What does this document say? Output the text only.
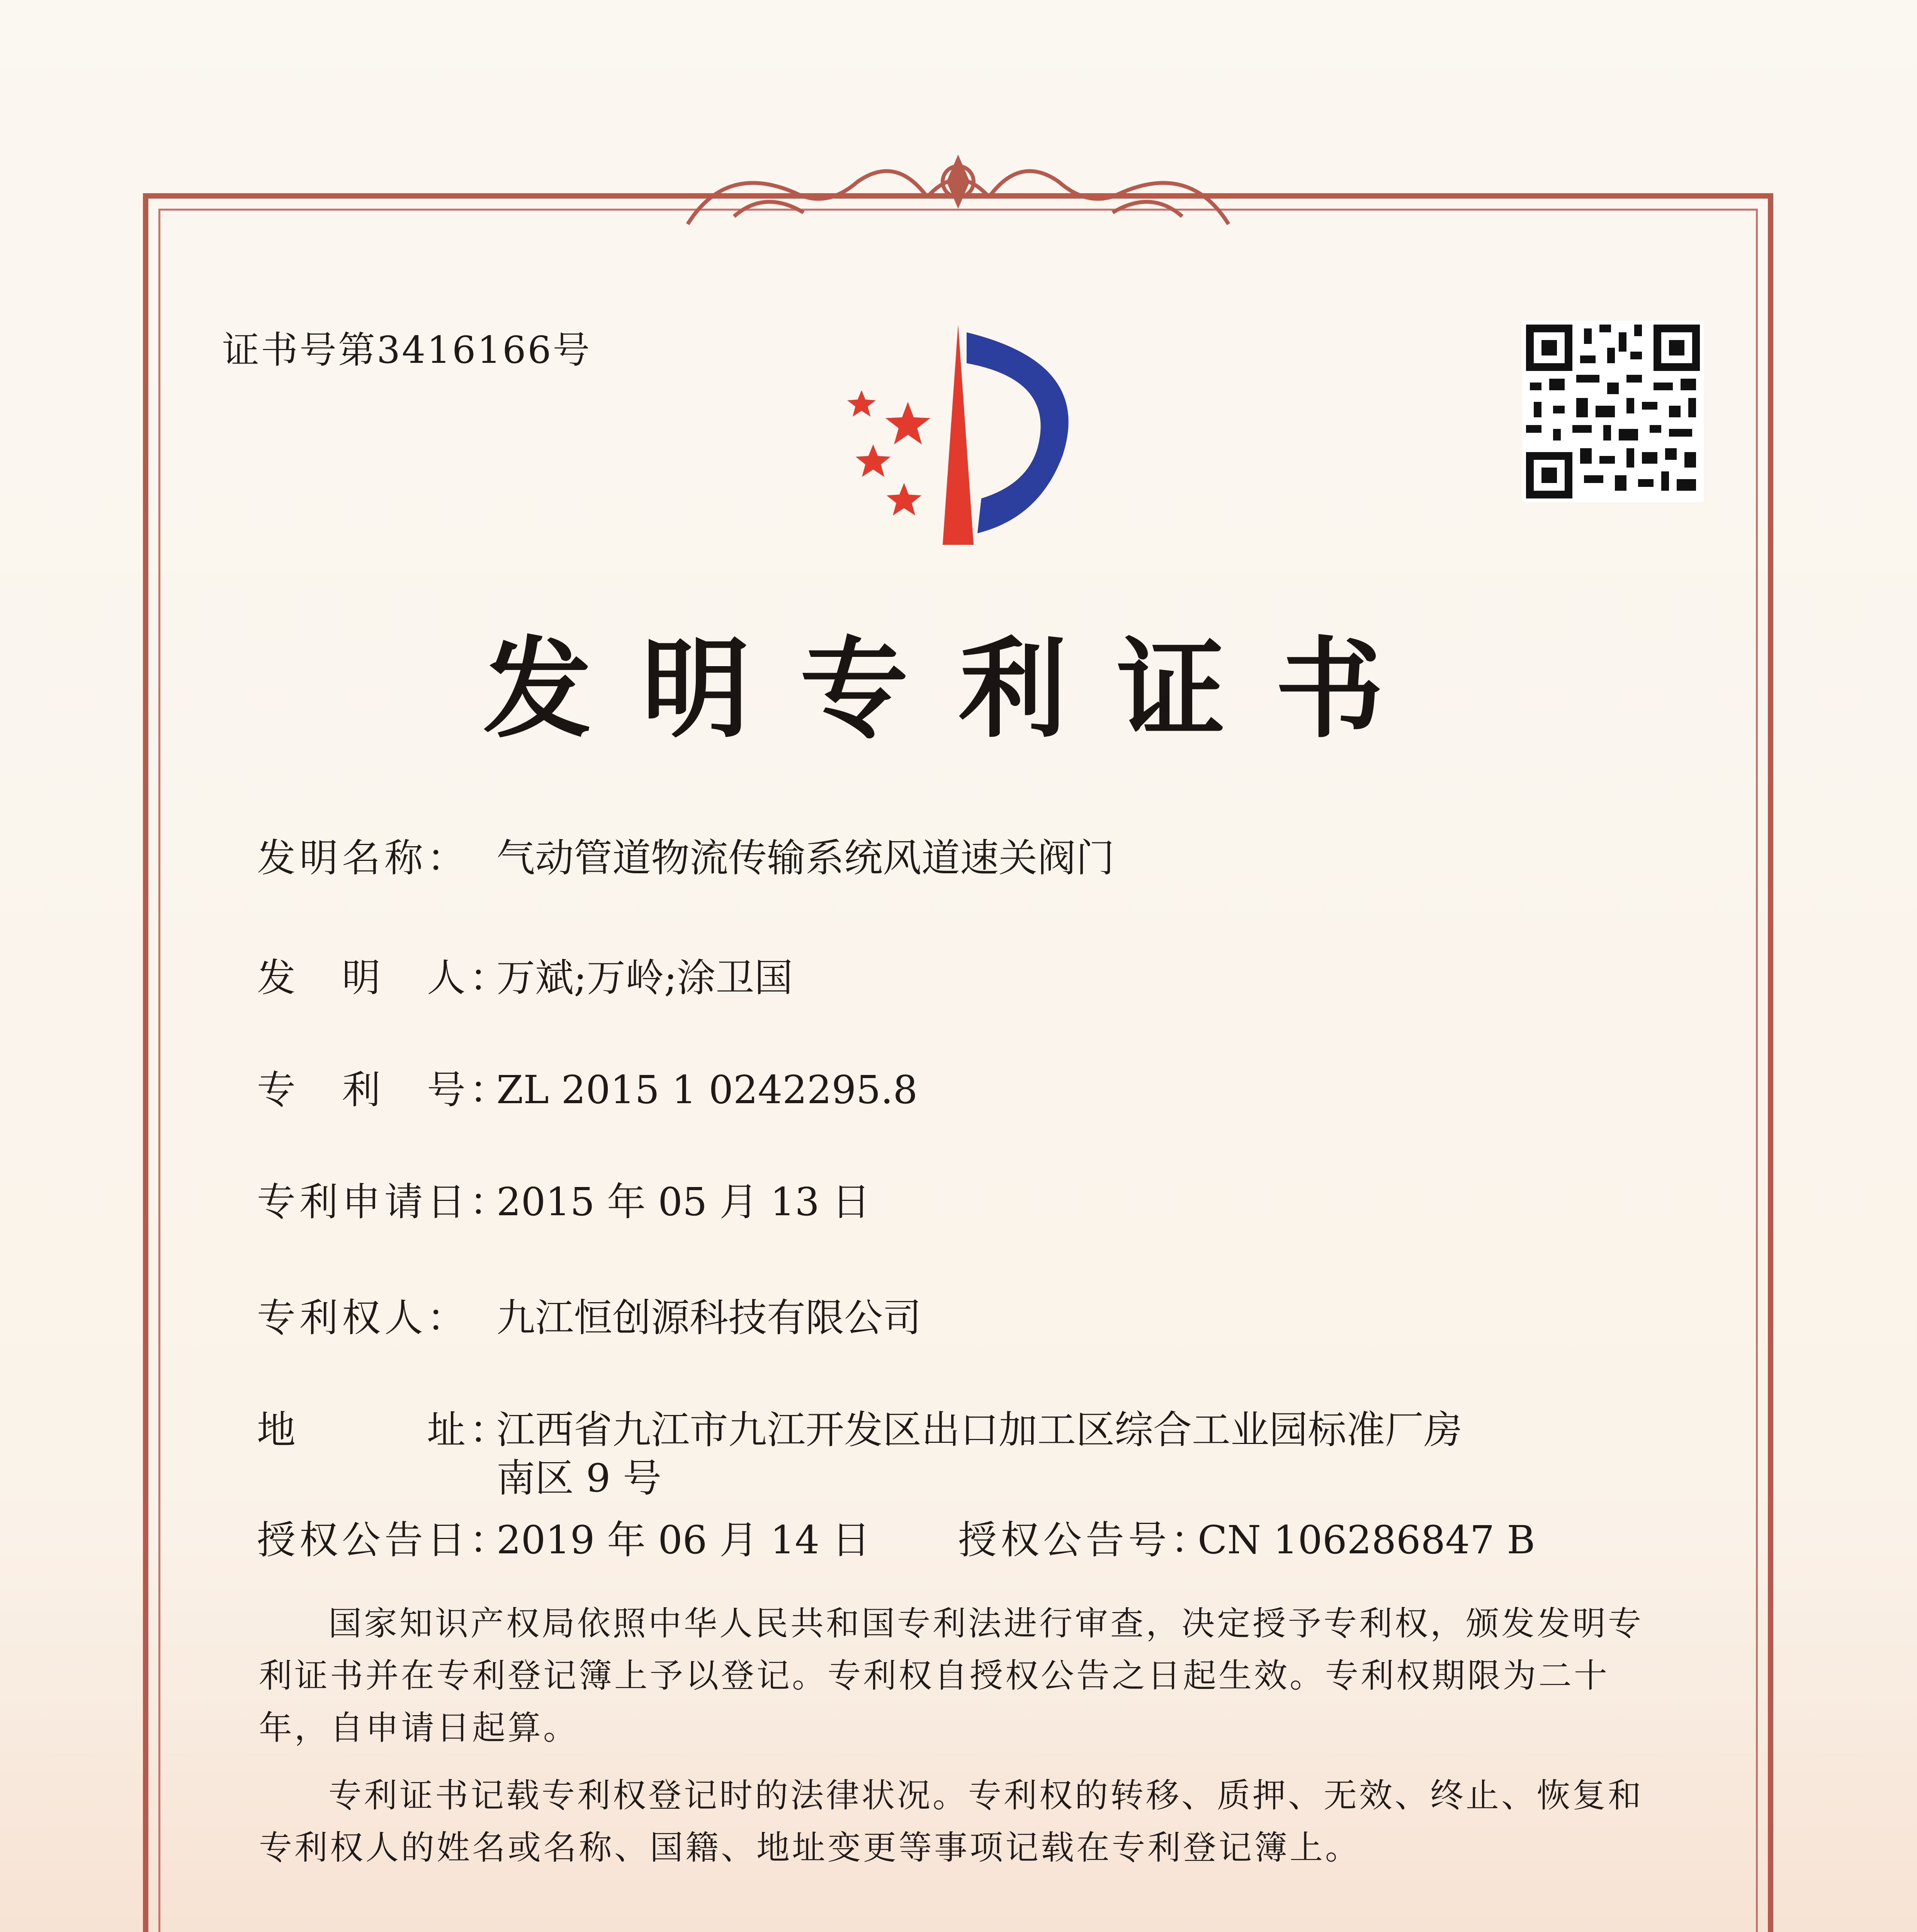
证书号第3416166号
发明专利证书
发明名称： 气动管道物流传输系统风道速关阀门
发　明　人：万斌;万岭;涂卫国
专　利　号：ZL 2015 1 0242295.8
专利申请日：2015 年 05 月 13 日
专利权人： 九江恒创源科技有限公司
地　　　址：江西省九江市九江开发区出口加工区综合工业园标准厂房
南区 9 号
授权公告日：2019 年 06 月 14 日 授权公告号：CN 106286847 B
国家知识产权局依照中华人民共和国专利法进行审查，决定授予专利权，颁发发明专利证书并在专利登记簿上予以登记。专利权自授权公告之日起生效。专利权期限为二十年，自申请日起算。
专利证书记载专利权登记时的法律状况。专利权的转移、质押、无效、终止、恢复和专利权人的姓名或名称、国籍、地址变更等事项记载在专利登记簿上。
